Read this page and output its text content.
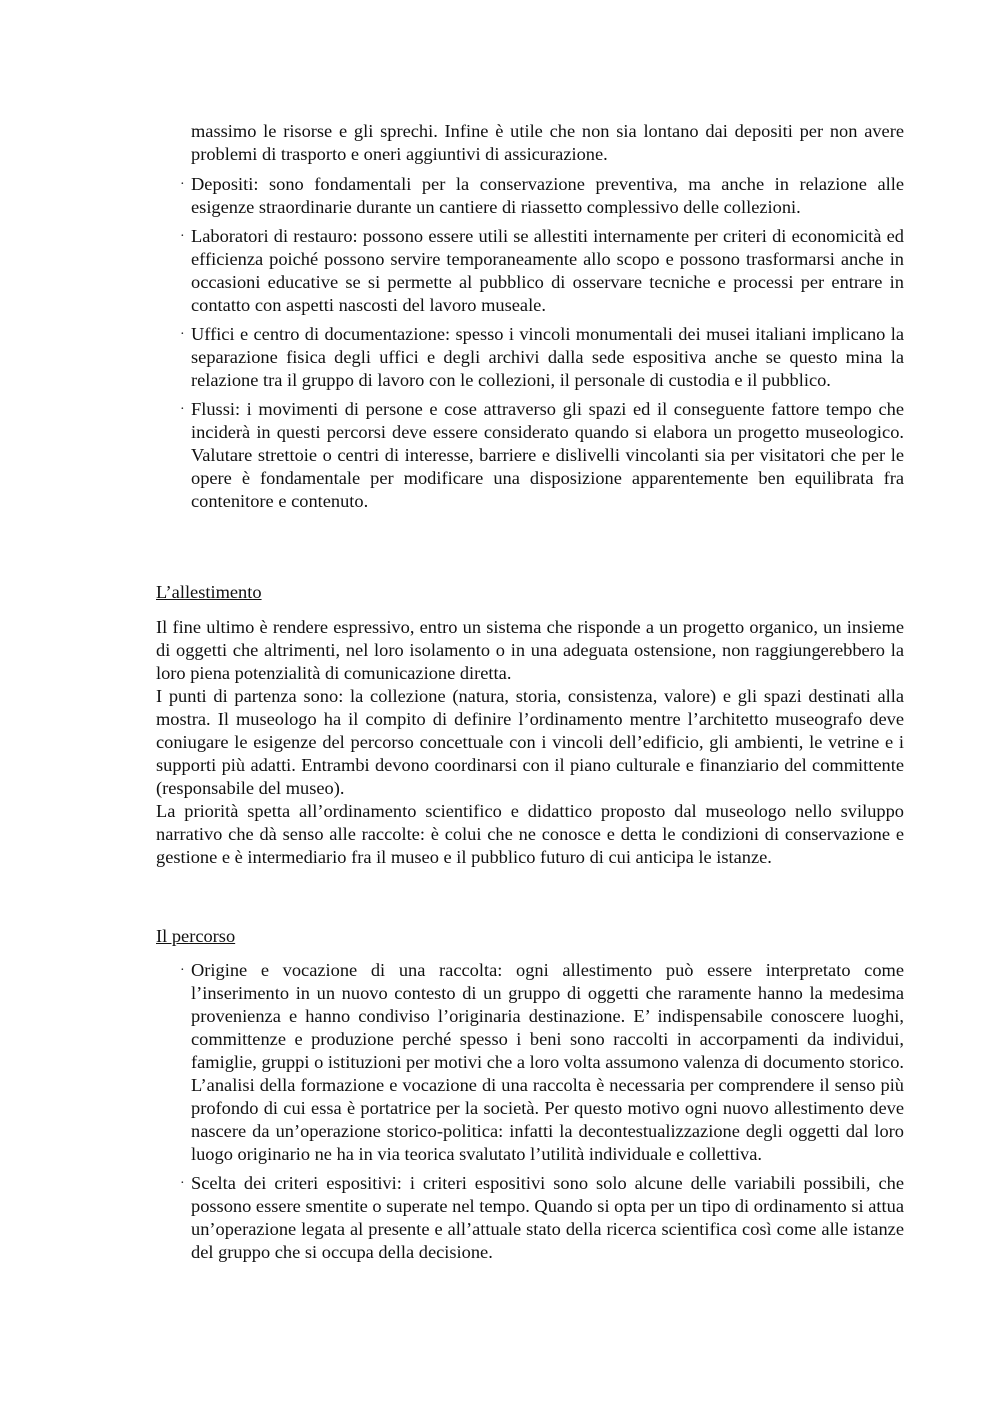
massimo le risorse e gli sprechi. Infine è utile che non sia lontano dai depositi per non avere problemi di trasporto e oneri aggiuntivi di assicurazione.

· Depositi: sono fondamentali per la conservazione preventiva, ma anche in relazione alle esigenze straordinarie durante un cantiere di riassetto complessivo delle collezioni.
· Laboratori di restauro: possono essere utili se allestiti internamente per criteri di economicità ed efficienza poiché possono servire temporaneamente allo scopo e possono trasformarsi anche in occasioni educative se si permette al pubblico di osservare tecniche e processi per entrare in contatto con aspetti nascosti del lavoro museale.
· Uffici e centro di documentazione: spesso i vincoli monumentali dei musei italiani implicano la separazione fisica degli uffici e degli archivi dalla sede espositiva anche se questo mina la relazione tra il gruppo di lavoro con le collezioni, il personale di custodia e il pubblico.
· Flussi: i movimenti di persone e cose attraverso gli spazi ed il conseguente fattore tempo che inciderà in questi percorsi deve essere considerato quando si elabora un progetto museologico. Valutare strettoie o centri di interesse, barriere e dislivelli vincolanti sia per visitatori che per le opere è fondamentale per modificare una disposizione apparentemente ben equilibrata fra contenitore e contenuto.
L’allestimento

Il fine ultimo è rendere espressivo, entro un sistema che risponde a un progetto organico, un insieme di oggetti che altrimenti, nel loro isolamento o in una adeguata ostensione, non raggiungerebbero la loro piena potenzialità di comunicazione diretta.

I punti di partenza sono: la collezione (natura, storia, consistenza, valore) e gli spazi destinati alla mostra. Il museologo ha il compito di definire l’ordinamento mentre l’architetto museografo deve coniugare le esigenze del percorso concettuale con i vincoli dell’edificio, gli ambienti, le vetrine e i supporti più adatti. Entrambi devono coordinarsi con il piano culturale e finanziario del committente (responsabile del museo).

La priorità spetta all’ordinamento scientifico e didattico proposto dal museologo nello sviluppo narrativo che dà senso alle raccolte: è colui che ne conosce e detta le condizioni di conservazione e gestione e è intermediario fra il museo e il pubblico futuro di cui anticipa le istanze.

Il percorso
· Origine e vocazione di una raccolta: ogni allestimento può essere interpretato come l’inserimento in un nuovo contesto di un gruppo di oggetti che raramente hanno la medesima provenienza e hanno condiviso l’originaria destinazione. E’ indispensabile conoscere luoghi, committenze e produzione perché spesso i beni sono raccolti in accorpamenti da individui, famiglie, gruppi o istituzioni per motivi che a loro volta assumono valenza di documento storico. L’analisi della formazione e vocazione di una raccolta è necessaria per comprendere il senso più profondo di cui essa è portatrice per la società. Per questo motivo ogni nuovo allestimento deve nascere da un’operazione storico-politica: infatti la decontestualizzazione degli oggetti dal loro luogo originario ne ha in via teorica svalutato l’utilità individuale e collettiva.
· Scelta dei criteri espositivi: i criteri espositivi sono solo alcune delle variabili possibili, che possono essere smentite o superate nel tempo. Quando si opta per un tipo di ordinamento si attua un’operazione legata al presente e all’attuale stato della ricerca scientifica così come alle istanze del gruppo che si occupa della decisione.
